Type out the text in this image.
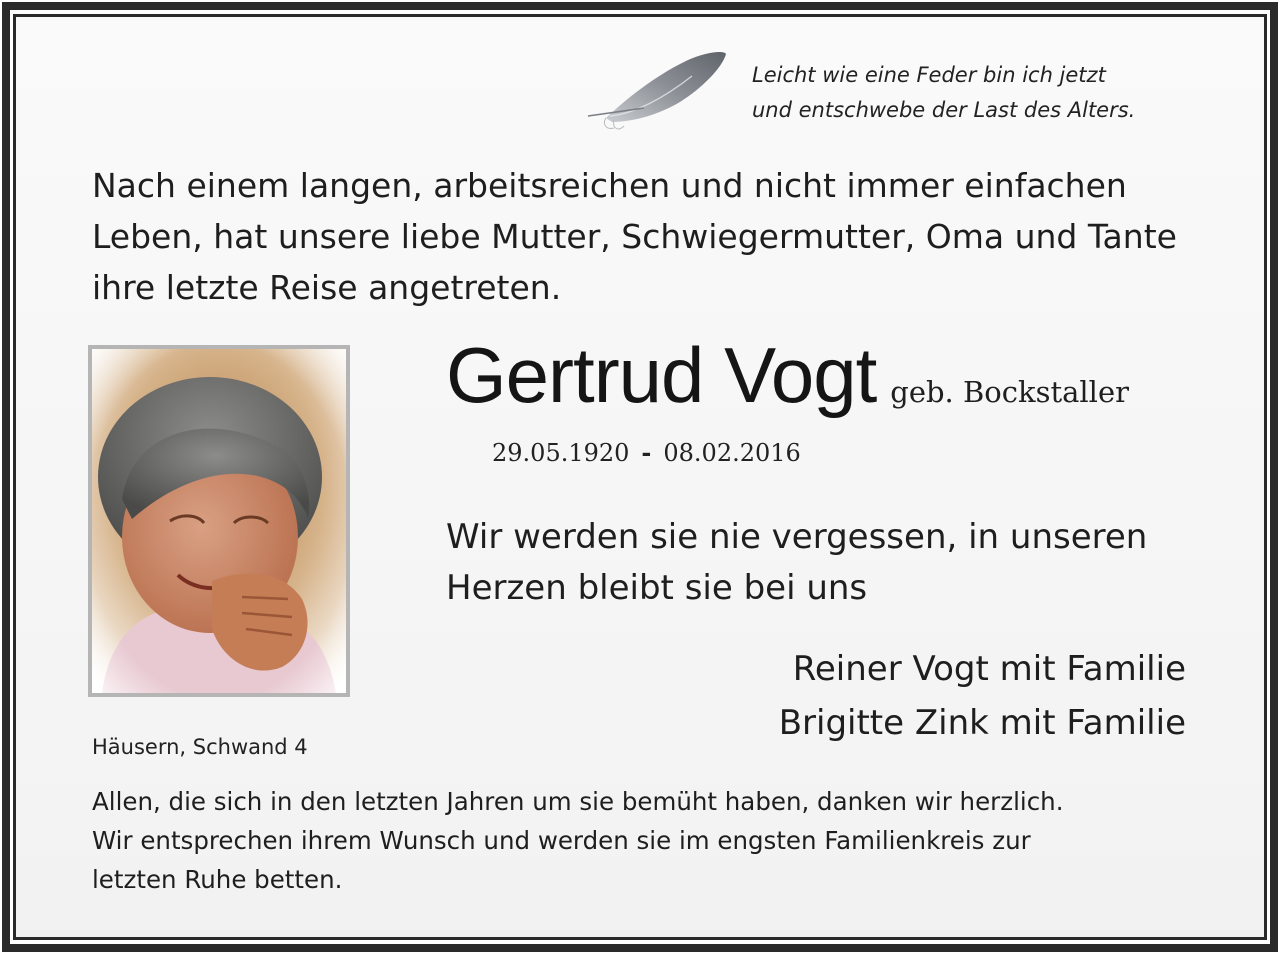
Leicht wie eine Feder bin ich jetzt
und entschwebe der Last des Alters.
Nach einem langen, arbeitsreichen und nicht immer einfachen
Leben, hat unsere liebe Mutter, Schwiegermutter, Oma und Tante
ihre letzte Reise angetreten.
Gertrud Vogt geb. Bockstaller
29.05.1920 - 08.02.2016
Wir werden sie nie vergessen, in unseren
Herzen bleibt sie bei uns
Reiner Vogt mit Familie
Brigitte Zink mit Familie
Häusern, Schwand 4
Allen, die sich in den letzten Jahren um sie bemüht haben, danken wir herzlich.
Wir entsprechen ihrem Wunsch und werden sie im engsten Familienkreis zur
letzten Ruhe betten.
